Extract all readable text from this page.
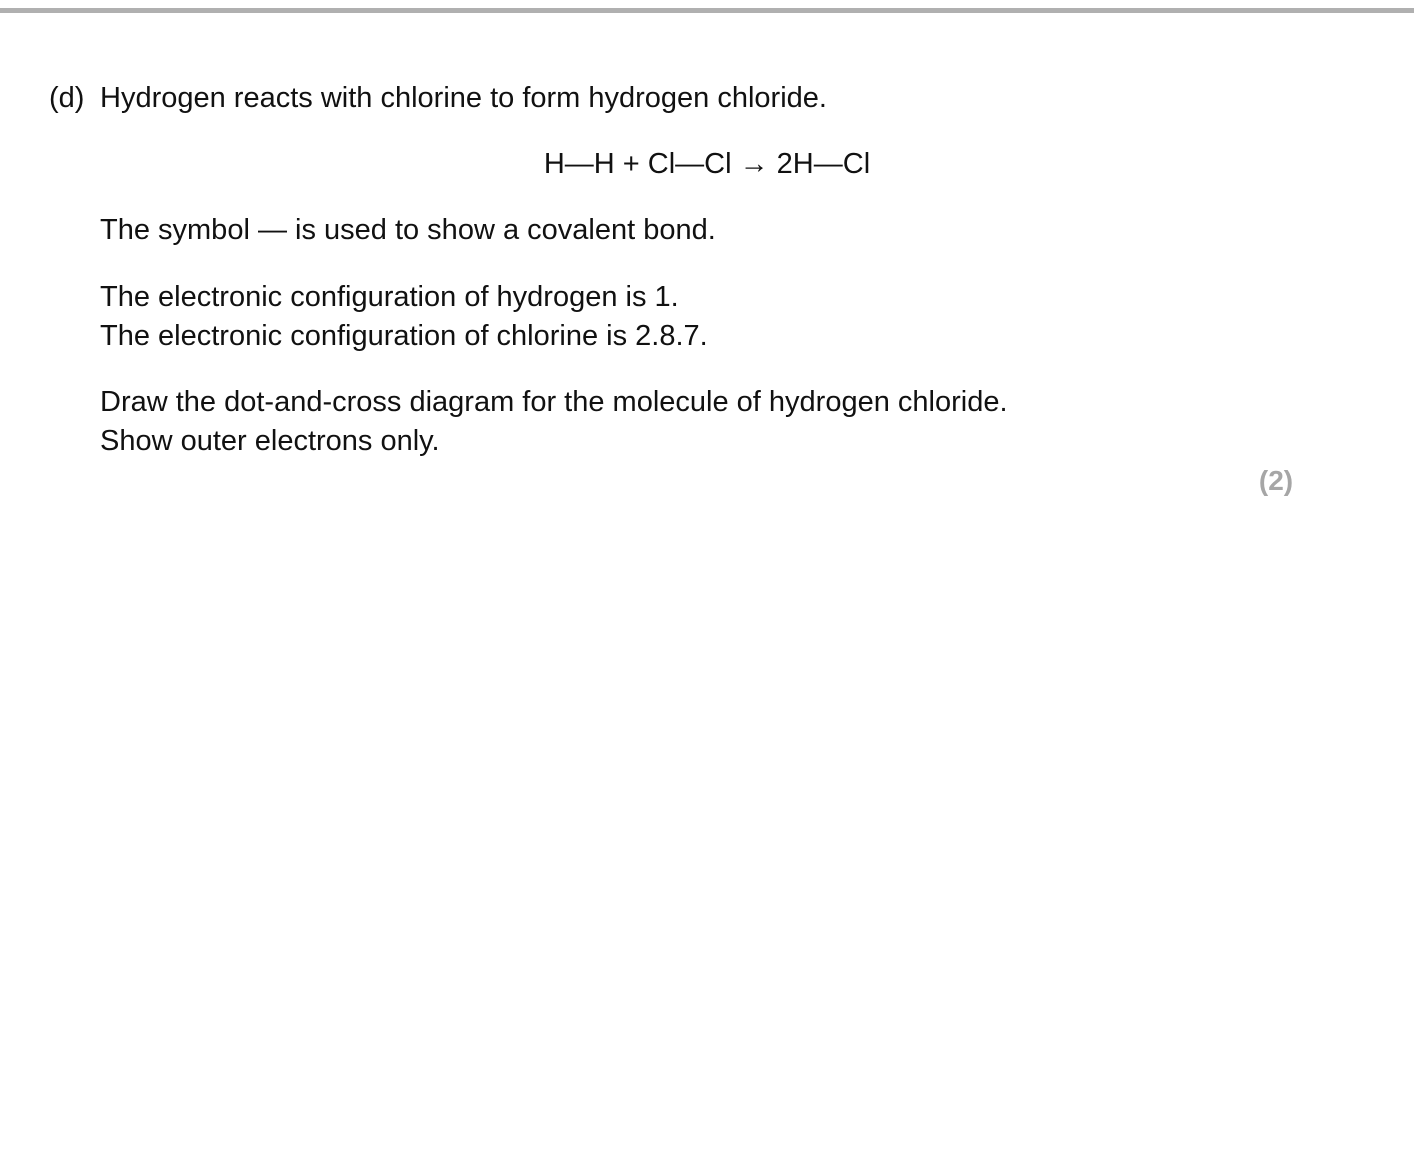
(d) Hydrogen reacts with chlorine to form hydrogen chloride.
H—H + Cl—Cl → 2H—Cl
The symbol — is used to show a covalent bond.
The electronic configuration of hydrogen is 1.
The electronic configuration of chlorine is 2.8.7.
Draw the dot-and-cross diagram for the molecule of hydrogen chloride.
Show outer electrons only.
(2)
